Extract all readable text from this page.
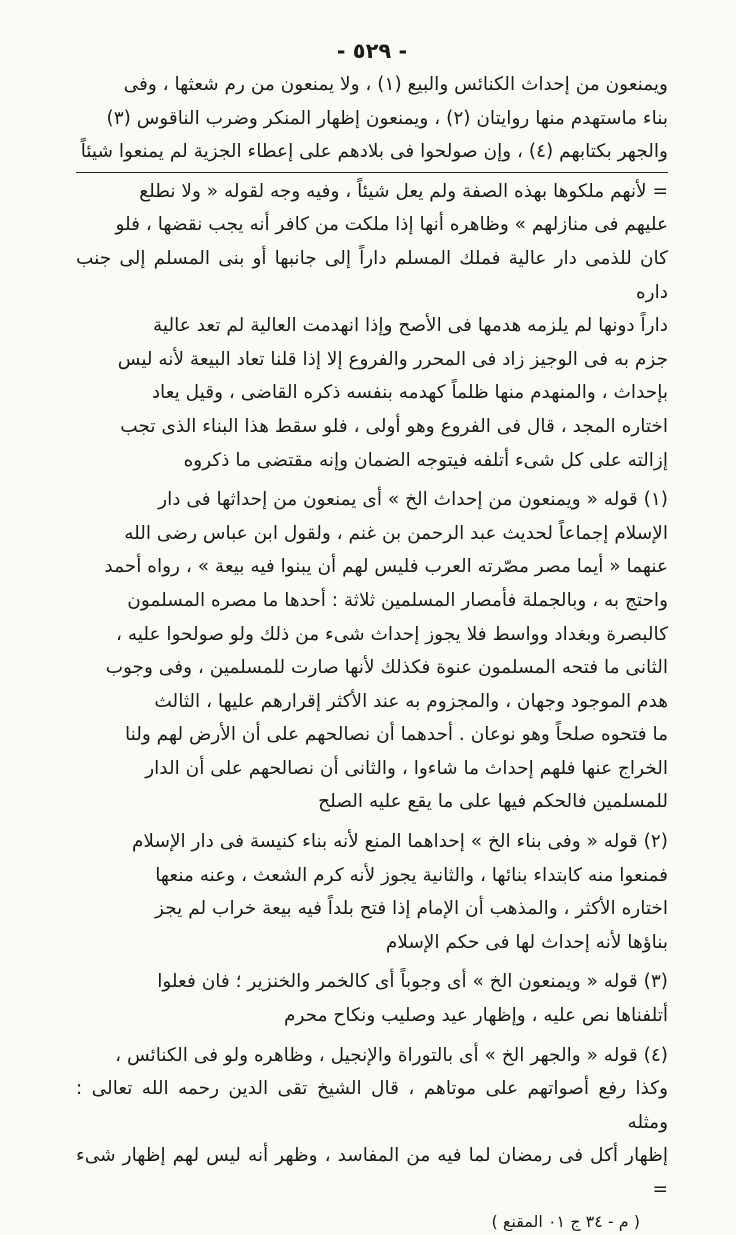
- ٥٢٩ -

ويمنعون من إحداث الكنائس والبيع (١) ، ولا يمنعون من رم شعثها ، وفى

بناء ماستهدم منها روايتان (٢) ، ويمنعون إظهار المنكر وضرب الناقوس (٣)

والجهر بكتابهم (٤) ، وإن صولحوا فى بلادهم على إعطاء الجزية لم يمنعوا شيئاً

= لأنهم ملكوها بهذه الصفة ولم يعل شيئاً ، وفيه وجه لقوله « ولا نطلع

عليهم فى منازلهم » وظاهره أنها إذا ملكت من كافر أنه يجب نقضها ، فلو

كان للذمى دار عالية فملك المسلم داراً إلى جانبها أو بنى المسلم إلى جنب داره

داراً دونها لم يلزمه هدمها فى الأصح وإذا انهدمت العالية لم تعد عالية

جزم به فى الوجيز زاد فى المحرر والفروع إلا إذا قلنا تعاد البيعة لأنه ليس

بإحداث ، والمنهدم منها ظلماً كهدمه بنفسه ذكره القاضى ، وقيل يعاد

اختاره المجد ، قال فى الفروع وهو أولى ، فلو سقط هذا البناء الذى تجب

إزالته على كل شىء أتلفه فيتوجه الضمان وإنه مقتضى ما ذكروه

(١) قوله « ويمنعون من إحداث الخ » أى يمنعون من إحداثها فى دار

الإسلام إجماعاً لحديث عبد الرحمن بن غنم ، ولقول ابن عباس رضى الله

عنهما « أيما مصر مصّرته العرب فليس لهم أن يبنوا فيه بيعة » ، رواه أحمد

واحتج به ، وبالجملة فأمصار المسلمين ثلاثة : أحدها ما مصره المسلمون

كالبصرة وبغداد وواسط فلا يجوز إحداث شىء من ذلك ولو صولحوا عليه ،

الثانى ما فتحه المسلمون عنوة فكذلك لأنها صارت للمسلمين ، وفى وجوب

هدم الموجود وجهان ، والمجزوم به عند الأكثر إقرارهم عليها ، الثالث

ما فتحوه صلحاً وهو نوعان . أحدهما أن نصالحهم على أن الأرض لهم ولنا

الخراج عنها فلهم إحداث ما شاءوا ، والثانى أن نصالحهم على أن الدار

للمسلمين فالحكم فيها على ما يقع عليه الصلح

(٢) قوله « وفى بناء الخ » إحداهما المنع لأنه بناء كنيسة فى دار الإسلام

فمنعوا منه كابتداء بنائها ، والثانية يجوز لأنه كرم الشعث ، وعنه منعها

اختاره الأكثر ، والمذهب أن الإمام إذا فتح بلداً فيه بيعة خراب لم يجز

بناؤها لأنه إحداث لها فى حكم الإسلام

(٣) قوله « ويمنعون الخ » أى وجوباً أى كالخمر والخنزير ؛ فان فعلوا

أتلفناها نص عليه ، وإظهار عيد وصليب ونكاح محرم

(٤) قوله « والجهر الخ » أى بالتوراة والإنجيل ، وظاهره ولو فى الكنائس ،

وكذا رفع أصواتهم على موتاهم ، قال الشيخ تقى الدين رحمه الله تعالى : ومثله

إظهار أكل فى رمضان لما فيه من المفاسد ، وظهر أنه ليس لهم إظهار شىء =

( م - ٣٤ ج ٠١ المقنع )
